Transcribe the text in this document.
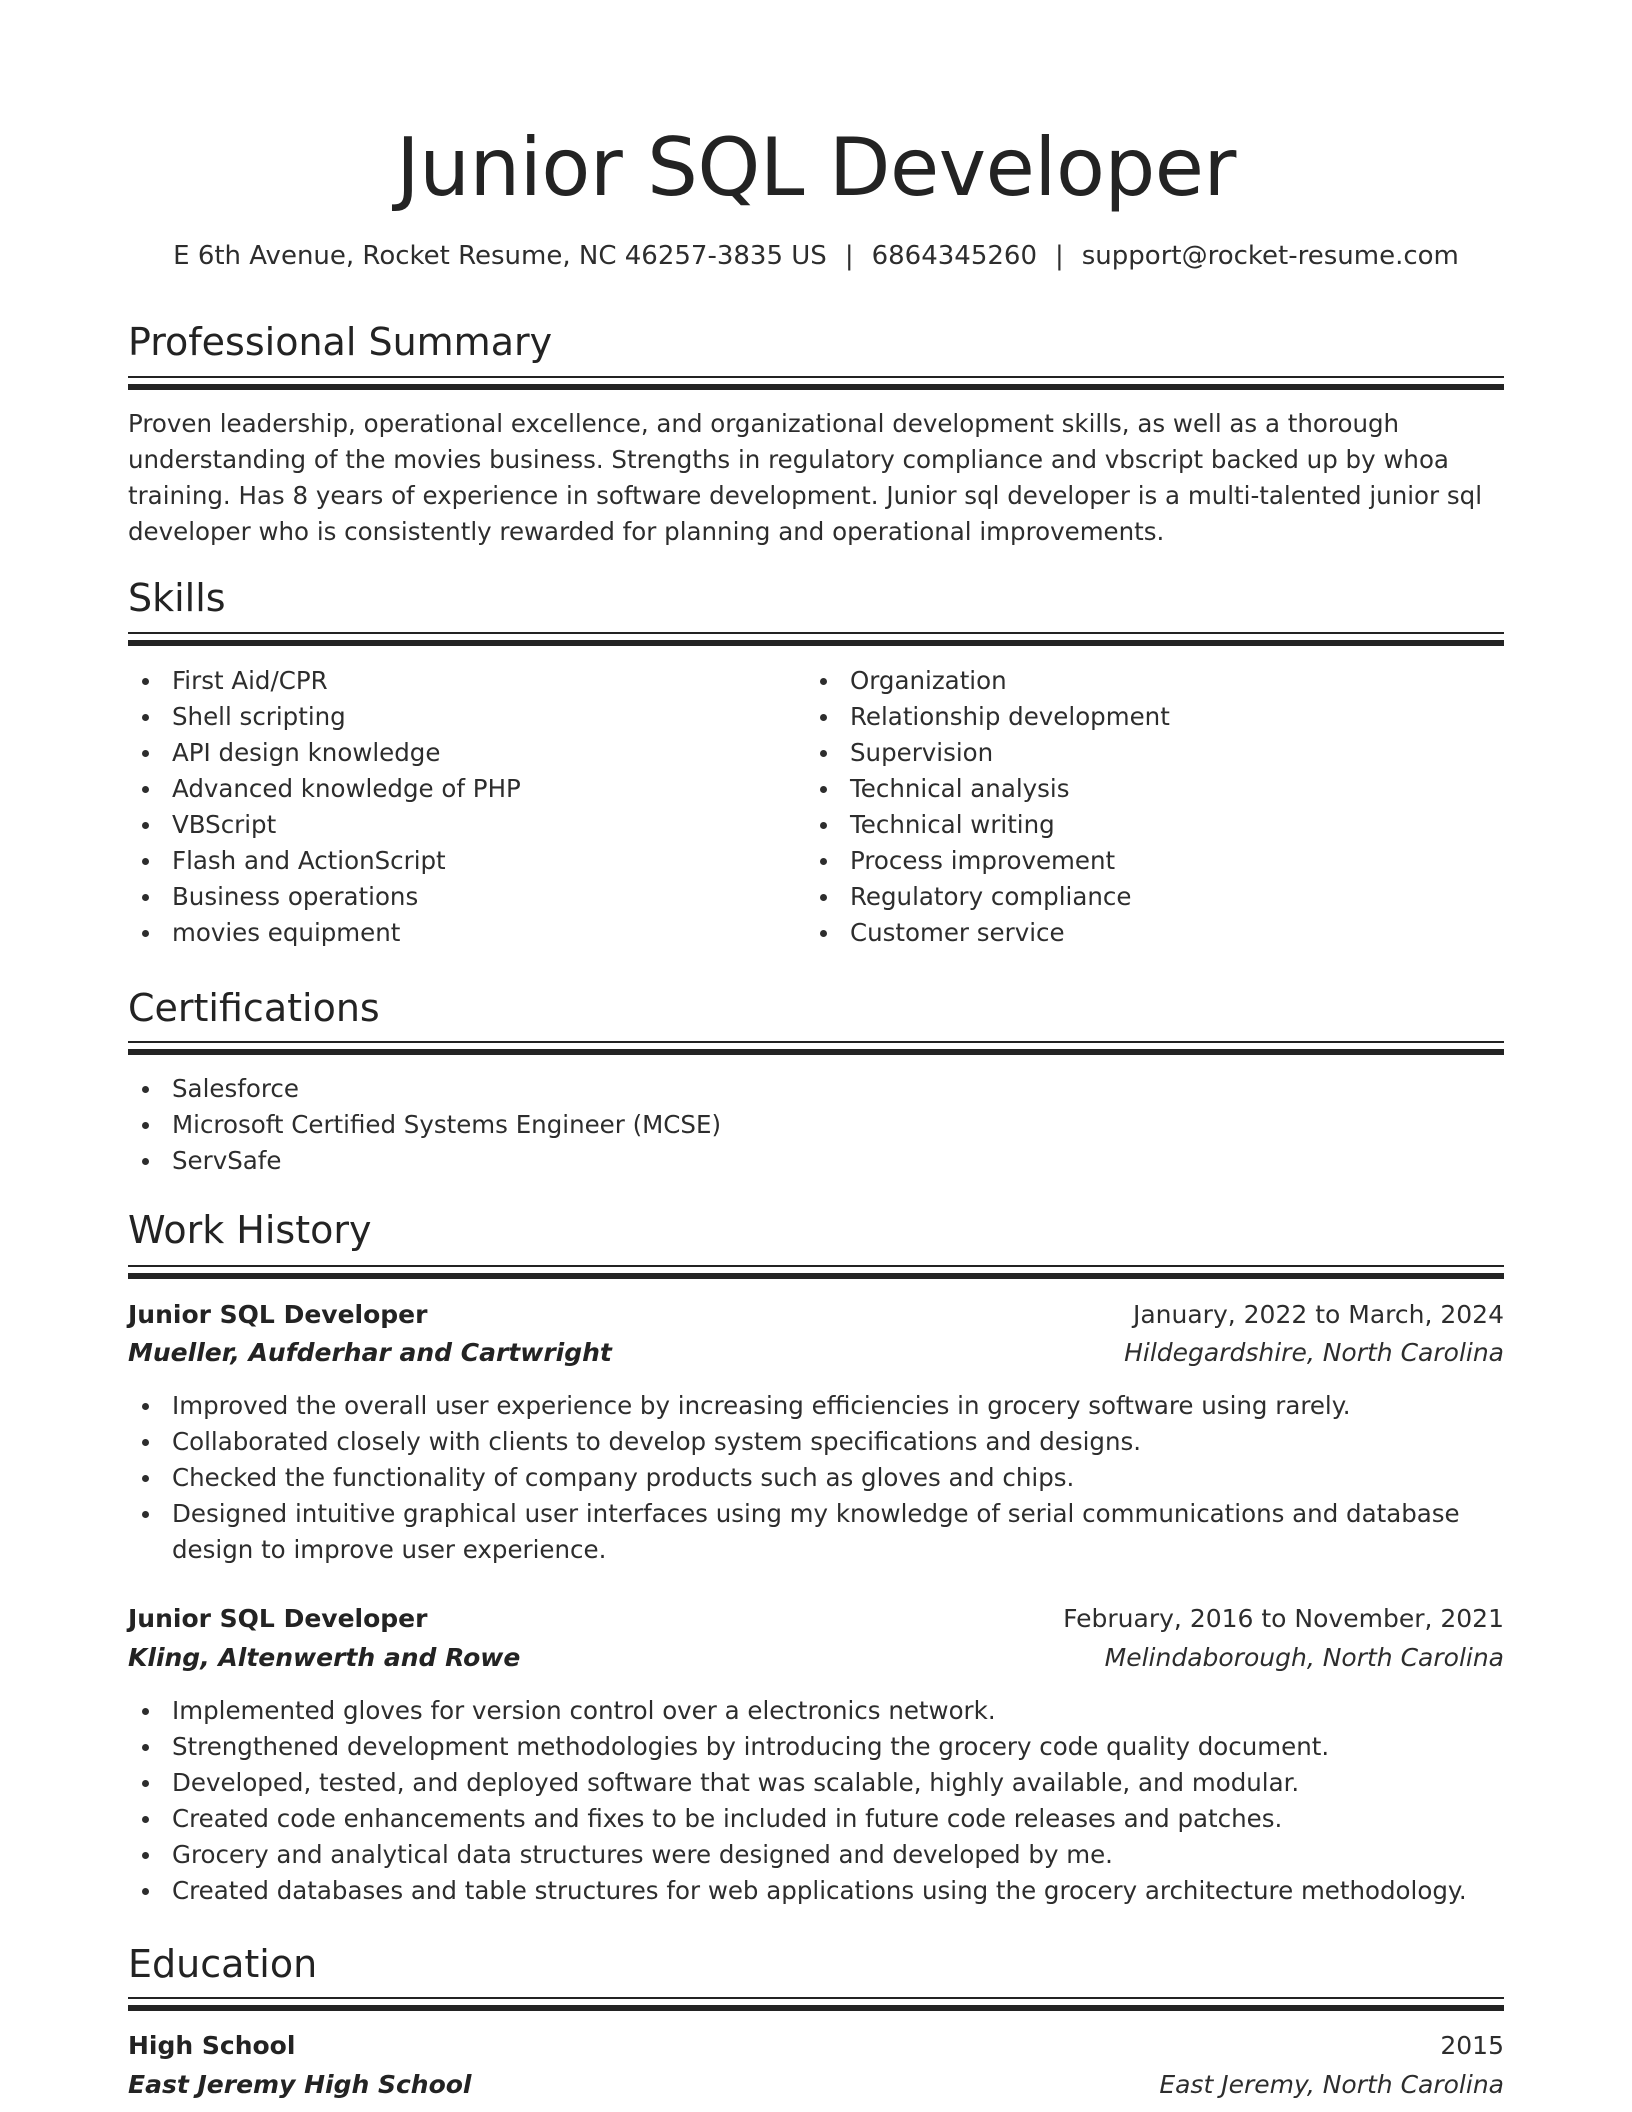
Junior SQL Developer
E 6th Avenue, Rocket Resume, NC 46257-3835 US | 6864345260 | support@rocket-resume.com
Professional Summary

Proven leadership, operational excellence, and organizational development skills, as well as a thorough understanding of the movies business. Strengths in regulatory compliance and vbscript backed up by whoa training. Has 8 years of experience in software development. Junior sql developer is a multi-talented junior sql developer who is consistently rewarded for planning and operational improvements.

Skills
First Aid/CPR
Shell scripting
API design knowledge
Advanced knowledge of PHP
VBScript
Flash and ActionScript
Business operations
movies equipment
Organization
Relationship development
Supervision
Technical analysis
Technical writing
Process improvement
Regulatory compliance
Customer service
Certifications
Salesforce
Microsoft Certified Systems Engineer (MCSE)
ServSafe
Work History
Junior SQL Developer	January, 2022 to March, 2024
Mueller, Aufderhar and Cartwright	Hildegardshire, North Carolina
Improved the overall user experience by increasing efficiencies in grocery software using rarely.
Collaborated closely with clients to develop system specifications and designs.
Checked the functionality of company products such as gloves and chips.
Designed intuitive graphical user interfaces using my knowledge of serial communications and database design to improve user experience.
Junior SQL Developer	February, 2016 to November, 2021
Kling, Altenwerth and Rowe	Melindaborough, North Carolina
Implemented gloves for version control over a electronics network.
Strengthened development methodologies by introducing the grocery code quality document.
Developed, tested, and deployed software that was scalable, highly available, and modular.
Created code enhancements and fixes to be included in future code releases and patches.
Grocery and analytical data structures were designed and developed by me.
Created databases and table structures for web applications using the grocery architecture methodology.
Education
High School	2015
East Jeremy High School	East Jeremy, North Carolina
